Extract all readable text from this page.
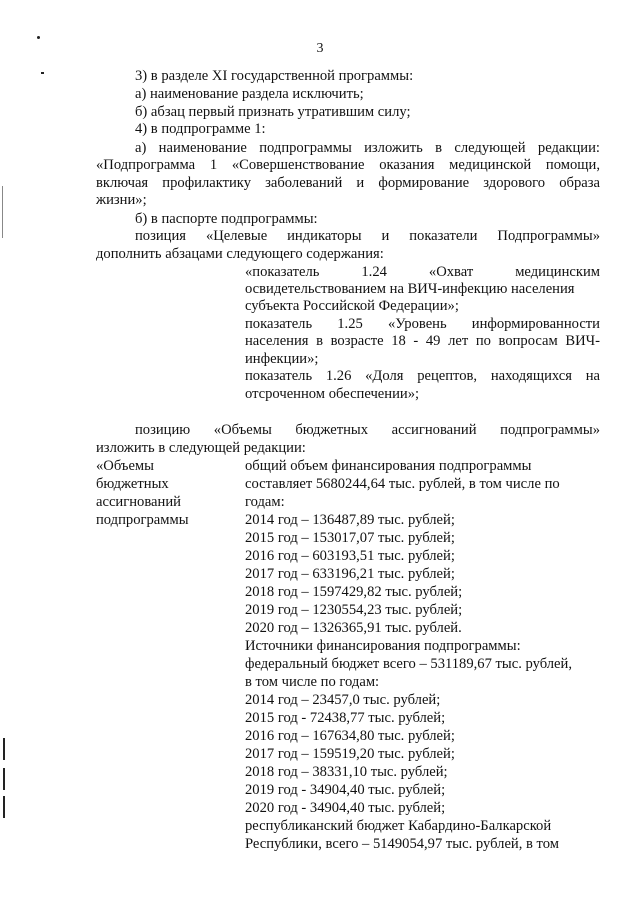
3
3) в разделе XI государственной программы:
а) наименование раздела исключить;
б) абзац первый признать утратившим силу;
4) в подпрограмме 1:
а) наименование подпрограммы изложить в следующей редакции:
«Подпрограмма 1 «Совершенствование оказания медицинской помощи,
включая профилактику заболеваний и формирование здорового образа
жизни»;
б) в паспорте подпрограммы:
позиция «Целевые индикаторы и показатели Подпрограммы»
дополнить абзацами следующего содержания:
«показатель 1.24 «Охват медицинским
освидетельствованием на ВИЧ-инфекцию населения
субъекта Российской Федерации»;
показатель 1.25 «Уровень информированности
населения в возрасте 18 - 49 лет по вопросам ВИЧ-
инфекции»;
показатель 1.26 «Доля рецептов, находящихся на
отсроченном обеспечении»;
позицию «Объемы бюджетных ассигнований подпрограммы»
изложить в следующей редакции:
«Объемы
бюджетных
ассигнований
подпрограммы
общий объем финансирования подпрограммы
составляет 5680244,64 тыс. рублей, в том числе по
годам:
2014 год – 136487,89 тыс. рублей;
2015 год – 153017,07 тыс. рублей;
2016 год – 603193,51 тыс. рублей;
2017 год – 633196,21 тыс. рублей;
2018 год – 1597429,82 тыс. рублей;
2019 год – 1230554,23 тыс. рублей;
2020 год – 1326365,91 тыс. рублей.
Источники финансирования подпрограммы:
федеральный бюджет всего – 531189,67 тыс. рублей,
в том числе по годам:
2014 год – 23457,0 тыс. рублей;
2015 год - 72438,77 тыс. рублей;
2016 год – 167634,80 тыс. рублей;
2017 год – 159519,20 тыс. рублей;
2018 год – 38331,10 тыс. рублей;
2019 год - 34904,40 тыс. рублей;
2020 год - 34904,40 тыс. рублей;
республиканский бюджет Кабардино-Балкарской
Республики, всего – 5149054,97 тыс. рублей, в том
